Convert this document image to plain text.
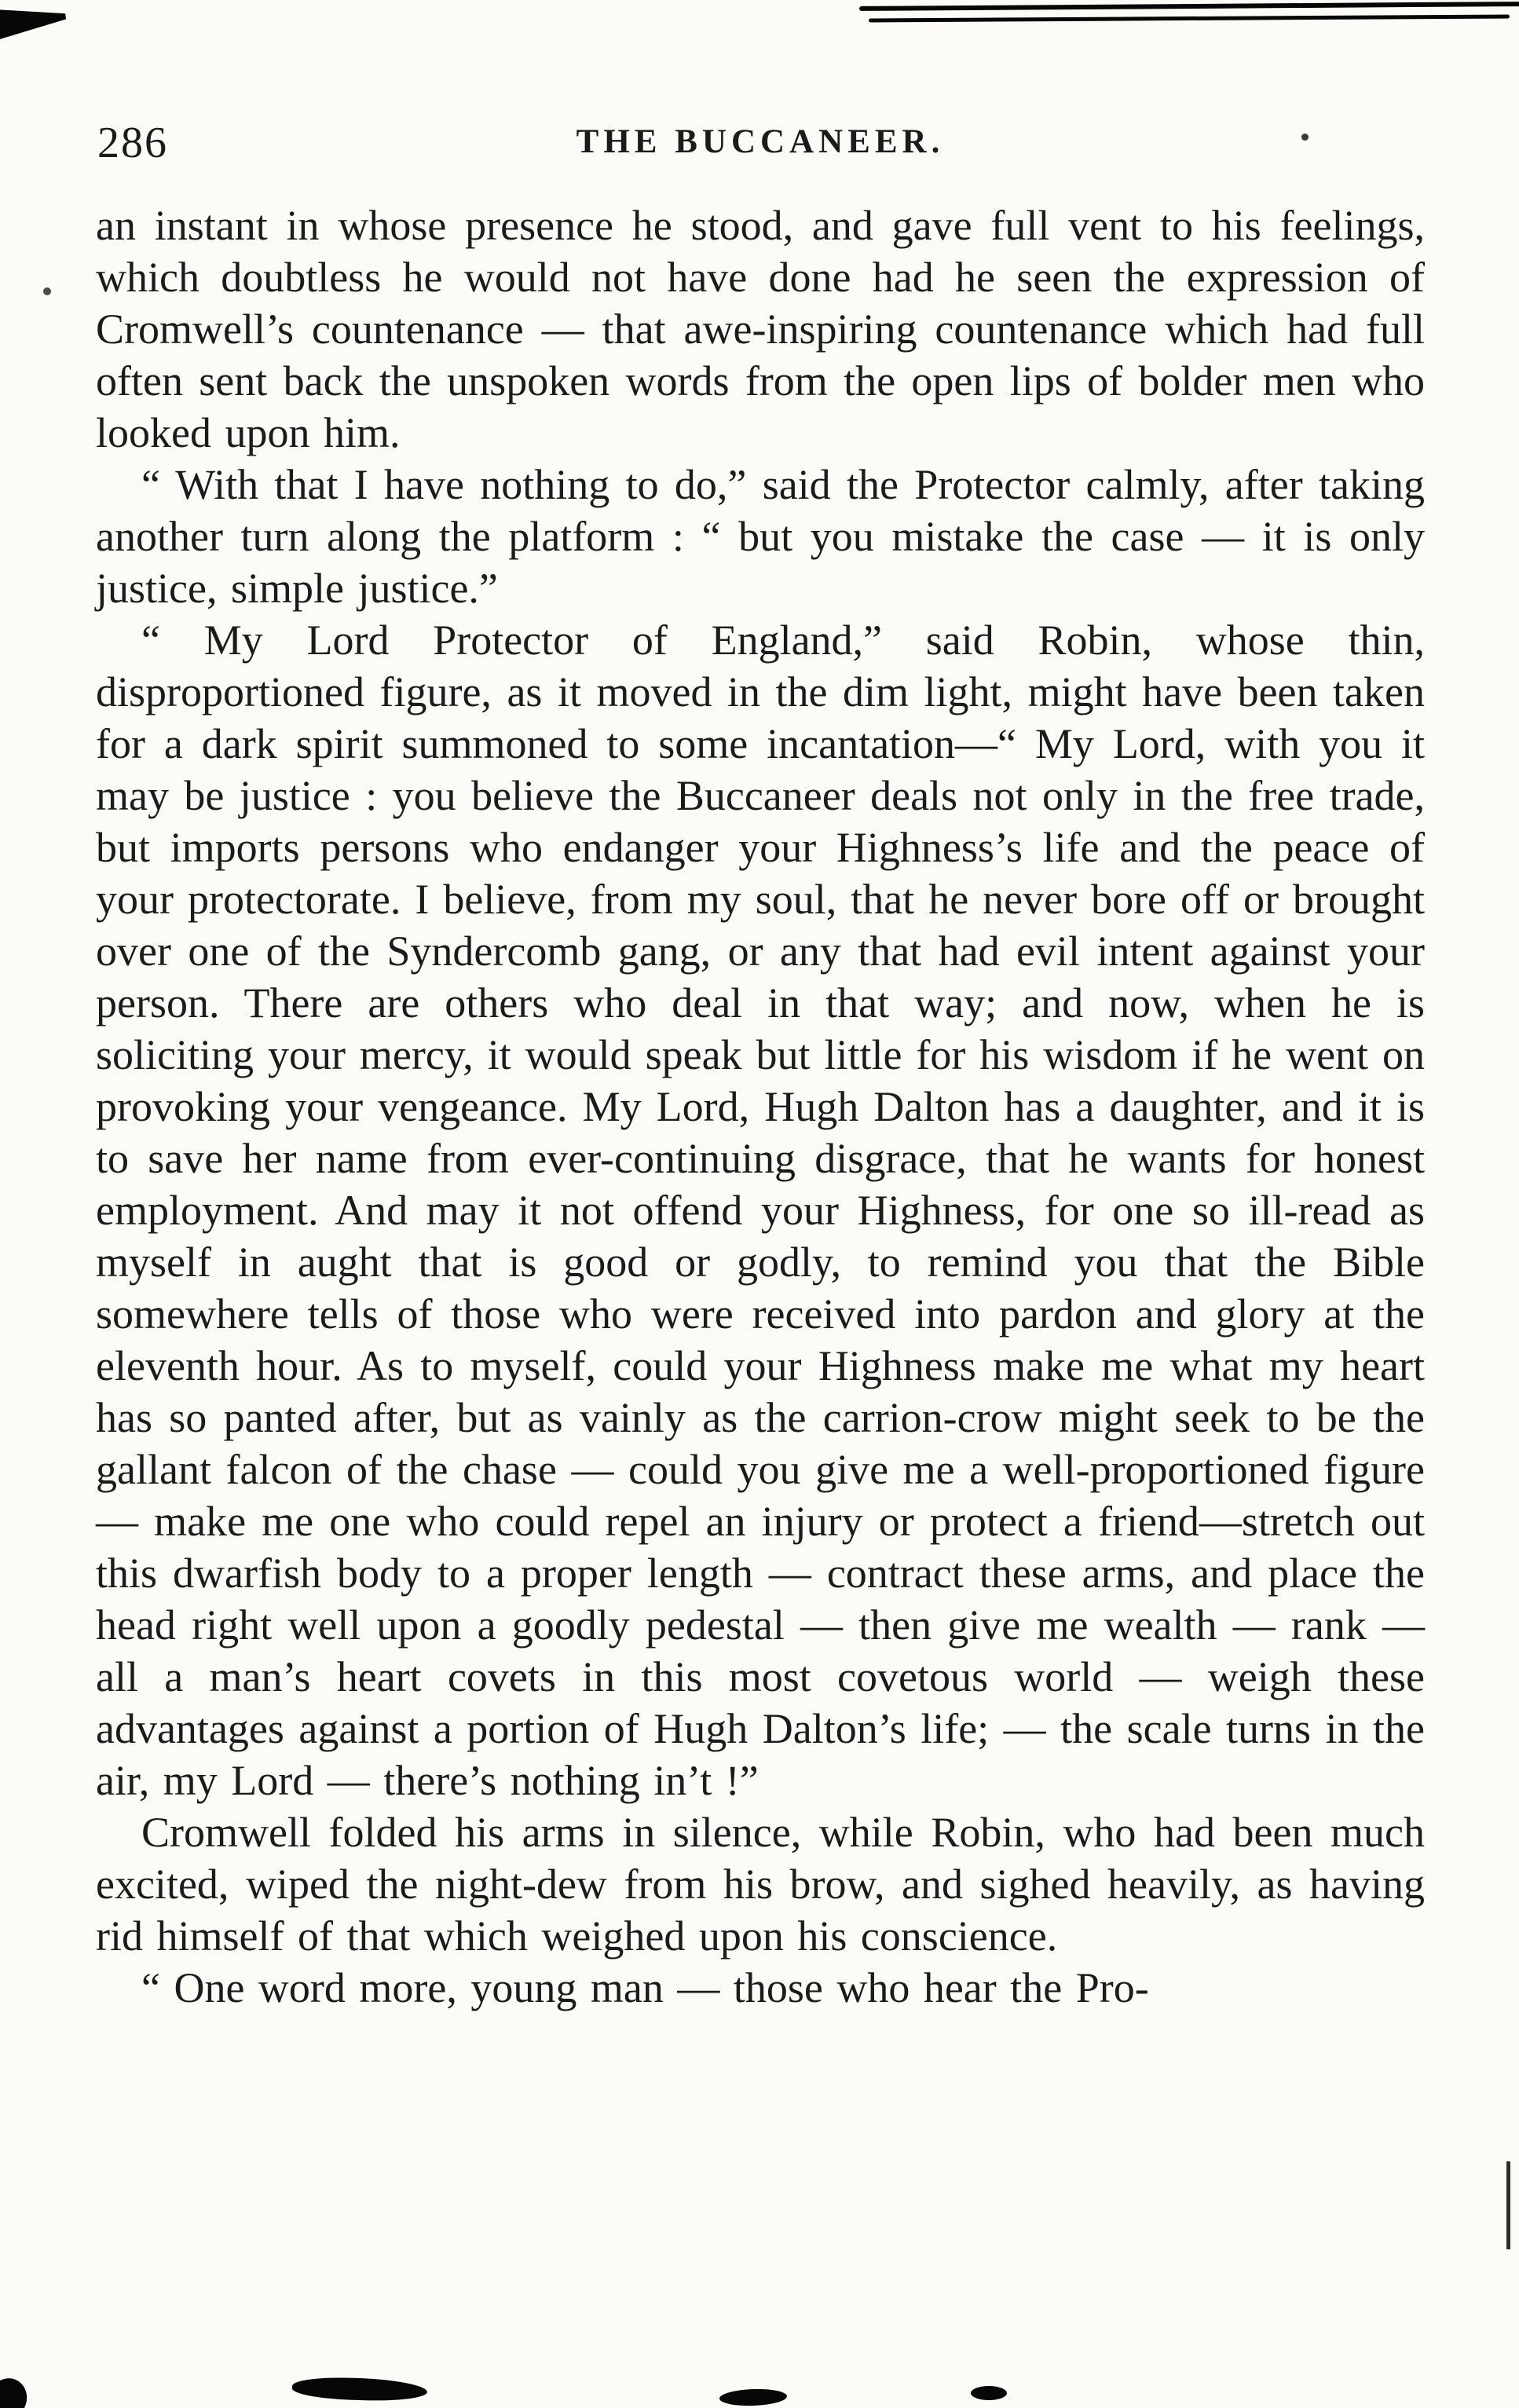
286	THE BUCCANEER.

an instant in whose presence he stood, and gave full vent to his feelings, which doubtless he would not have done had he seen the expression of Cromwell’s countenance — that awe-inspiring countenance which had full often sent back the unspoken words from the open lips of bolder men who looked upon him.

“ With that I have nothing to do,” said the Protector calmly, after taking another turn along the platform : “ but you mistake the case — it is only justice, simple justice.”

“ My Lord Protector of England,” said Robin, whose thin, disproportioned figure, as it moved in the dim light, might have been taken for a dark spirit summoned to some incantation—“ My Lord, with you it may be justice : you believe the Buccaneer deals not only in the free trade, but imports persons who endanger your Highness’s life and the peace of your protectorate. I believe, from my soul, that he never bore off or brought over one of the Syndercomb gang, or any that had evil intent against your person. There are others who deal in that way; and now, when he is soliciting your mercy, it would speak but little for his wisdom if he went on provoking your vengeance. My Lord, Hugh Dalton has a daughter, and it is to save her name from ever-continuing disgrace, that he wants for honest employment. And may it not offend your Highness, for one so ill-read as myself in aught that is good or godly, to remind you that the Bible somewhere tells of those who were received into pardon and glory at the eleventh hour. As to myself, could your Highness make me what my heart has so panted after, but as vainly as the carrion-crow might seek to be the gallant falcon of the chase — could you give me a well-proportioned figure — make me one who could repel an injury or protect a friend—stretch out this dwarfish body to a proper length — contract these arms, and place the head right well upon a goodly pedestal — then give me wealth — rank — all a man’s heart covets in this most covetous world — weigh these advantages against a portion of Hugh Dalton’s life; — the scale turns in the air, my Lord — there’s nothing in’t !”

Cromwell folded his arms in silence, while Robin, who had been much excited, wiped the night-dew from his brow, and sighed heavily, as having rid himself of that which weighed upon his conscience.

“ One word more, young man — those who hear the Pro-
